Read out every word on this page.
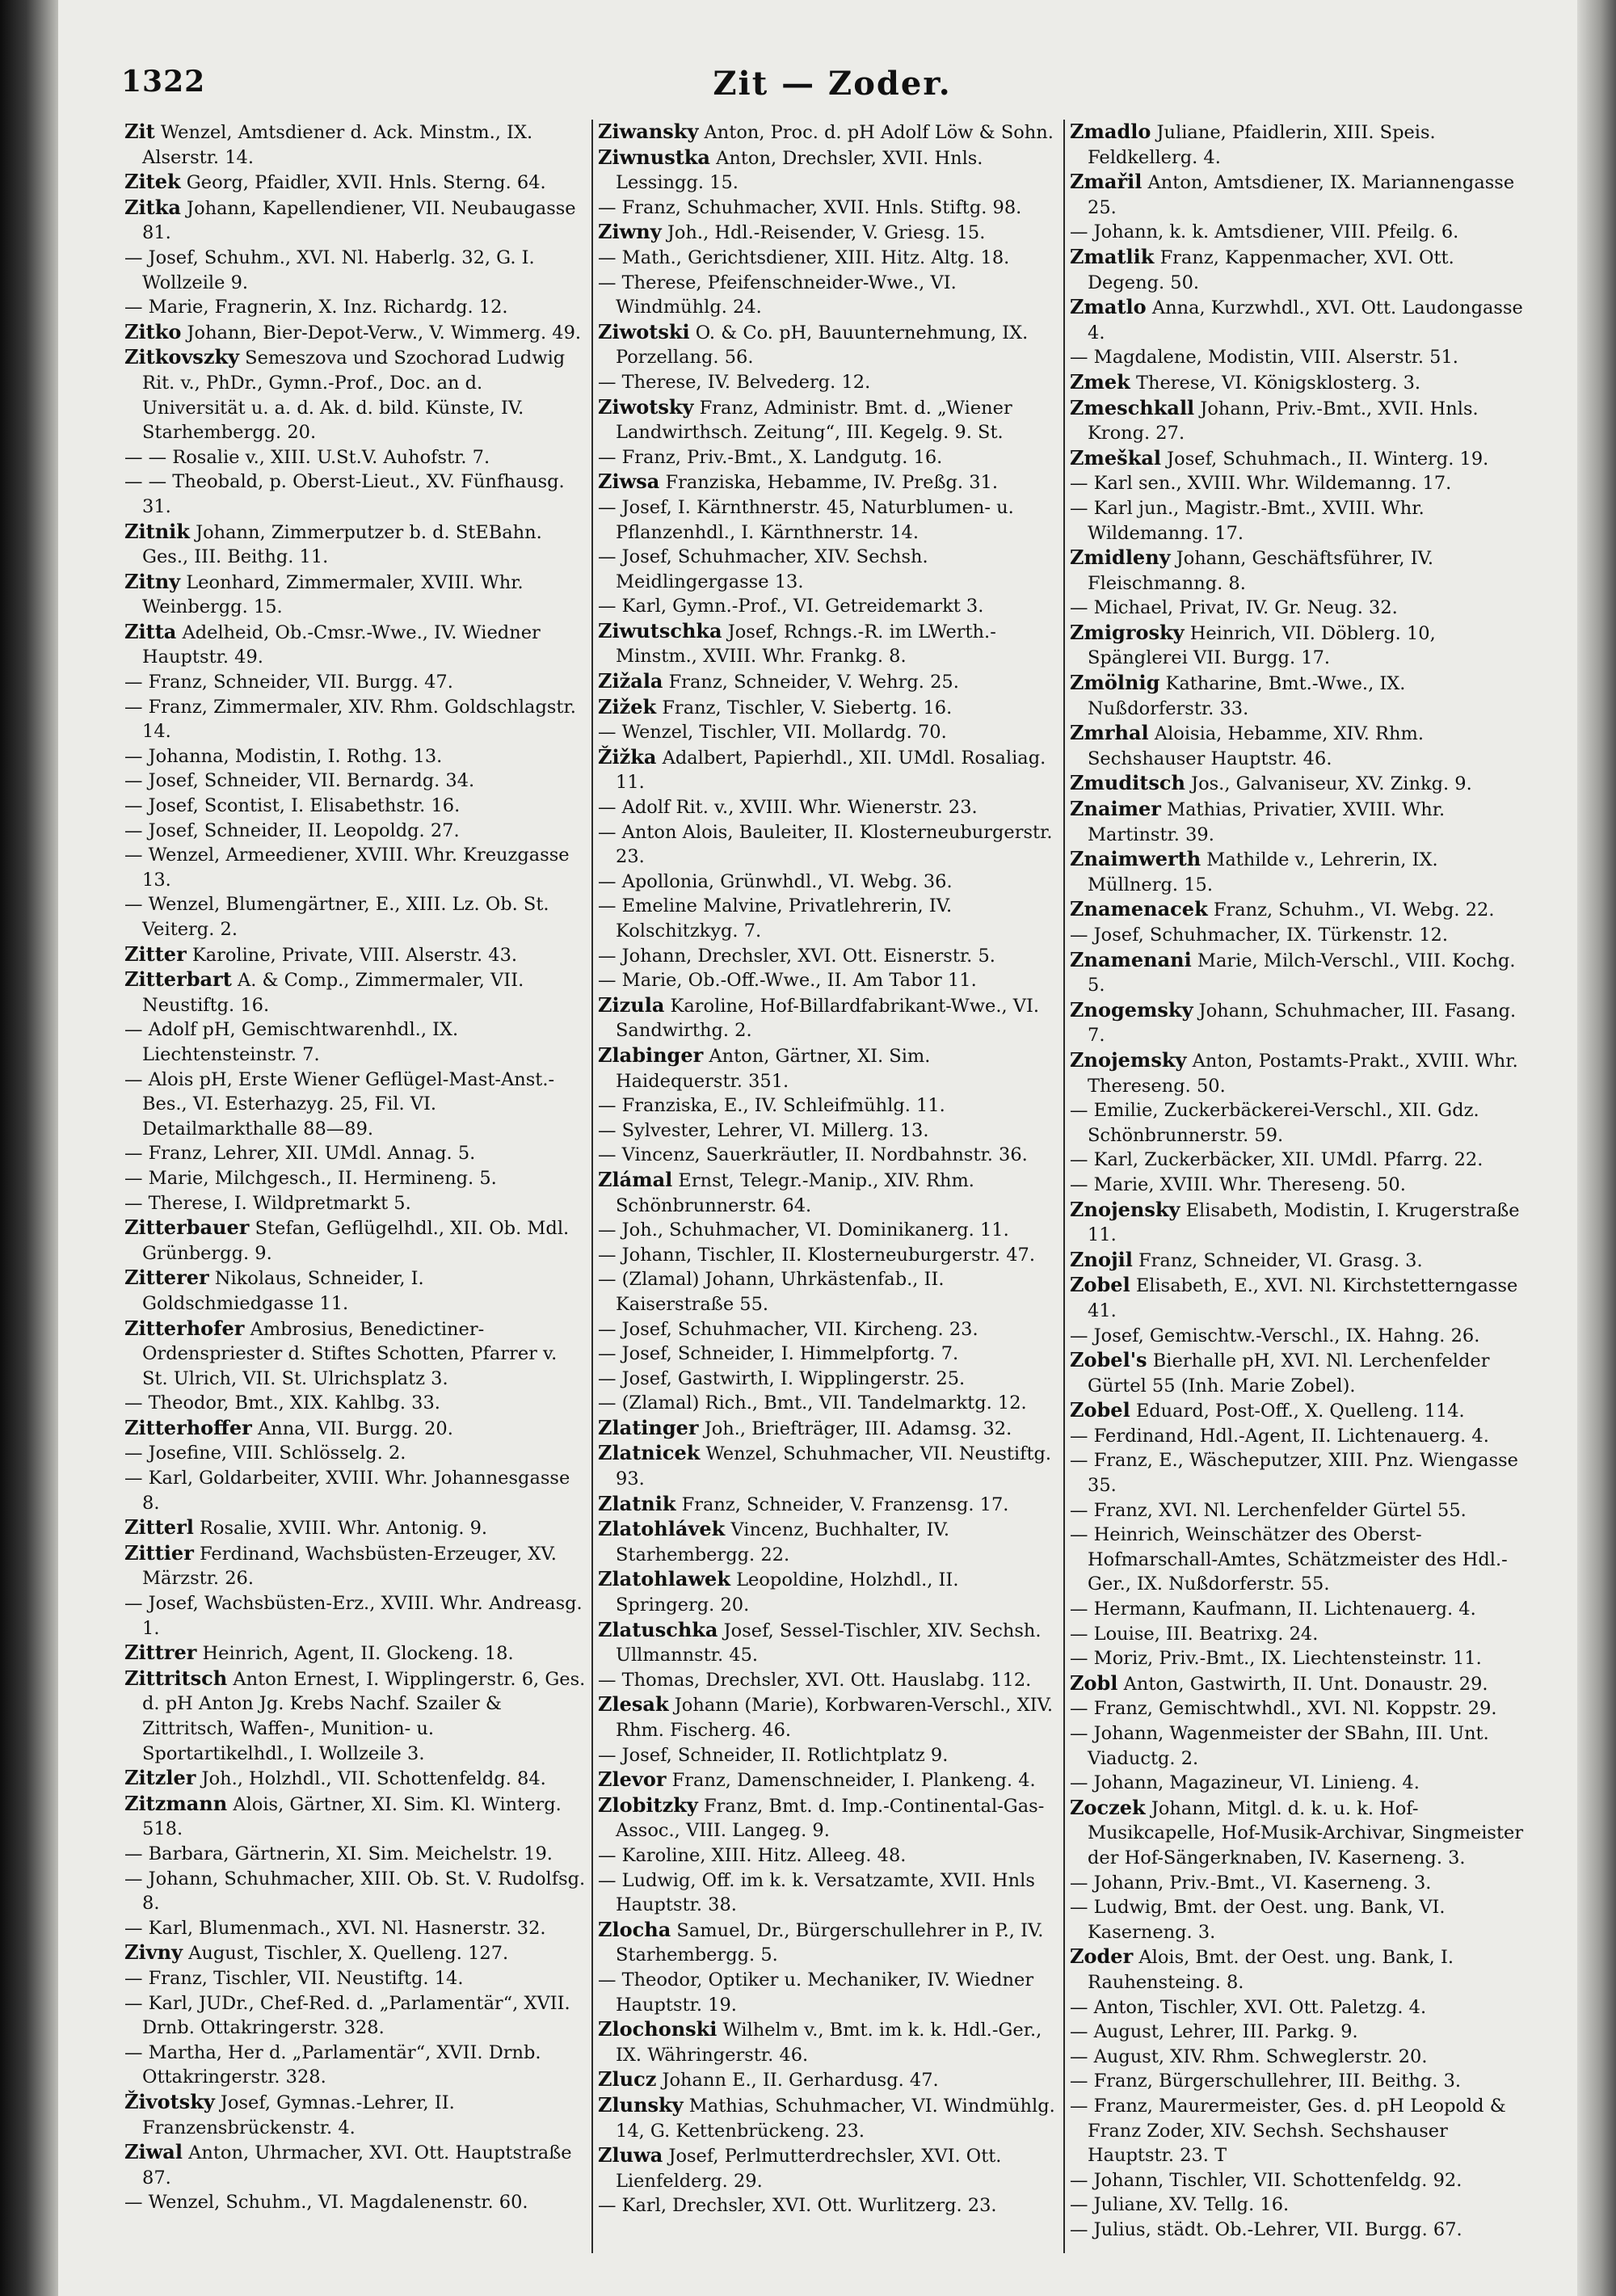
1322	Zit — Zoder.
Zit Wenzel, Amtsdiener d. Ack. Minstm., IX. Alserstr. 14.
Zitek Georg, Pfaidler, XVII. Hnls. Sterng. 64.
Zitka Johann, Kapellendiener, VII. Neubaugasse 81.
— Josef, Schuhm., XVI. Nl. Haberlg. 32, G. I. Wollzeile 9.
— Marie, Fragnerin, X. Inz. Richardg. 12.
Zitko Johann, Bier-Depot-Verw., V. Wimmerg. 49.
Zitkovszky Semeszova und Szochorad Ludwig Rit. v., PhDr., Gymn.-Prof., Doc. an d. Universität u. a. d. Ak. d. bild. Künste, IV. Starhembergg. 20.
— — Rosalie v., XIII. U.St.V. Auhofstr. 7.
— — Theobald, p. Oberst-Lieut., XV. Fünfhausg. 31.
Zitnik Johann, Zimmerputzer b. d. StEBahn. Ges., III. Beithg. 11.
Zitny Leonhard, Zimmermaler, XVIII. Whr. Weinbergg. 15.
Zitta Adelheid, Ob.-Cmsr.-Wwe., IV. Wiedner Hauptstr. 49.
— Franz, Schneider, VII. Burgg. 47.
— Franz, Zimmermaler, XIV. Rhm. Goldschlagstr. 14.
— Johanna, Modistin, I. Rothg. 13.
— Josef, Schneider, VII. Bernardg. 34.
— Josef, Scontist, I. Elisabethstr. 16.
— Josef, Schneider, II. Leopoldg. 27.
— Wenzel, Armeediener, XVIII. Whr. Kreuzgasse 13.
— Wenzel, Blumengärtner, E., XIII. Lz. Ob. St. Veiterg. 2.
Zitter Karoline, Private, VIII. Alserstr. 43.
Zitterbart A. & Comp., Zimmermaler, VII. Neustiftg. 16.
— Adolf pH, Gemischtwarenhdl., IX. Liechtensteinstr. 7.
— Alois pH, Erste Wiener Geflügel-Mast-Anst.-Bes., VI. Esterhazyg. 25, Fil. VI. Detailmarkthalle 88—89.
— Franz, Lehrer, XII. UMdl. Annag. 5.
— Marie, Milchgesch., II. Hermineng. 5.
— Therese, I. Wildpretmarkt 5.
Zitterbauer Stefan, Geflügelhdl., XII. Ob. Mdl. Grünbergg. 9.
Zitterer Nikolaus, Schneider, I. Goldschmiedgasse 11.
Zitterhofer Ambrosius, Benedictiner-Ordenspriester d. Stiftes Schotten, Pfarrer v. St. Ulrich, VII. St. Ulrichsplatz 3.
— Theodor, Bmt., XIX. Kahlbg. 33.
Zitterhoffer Anna, VII. Burgg. 20.
— Josefine, VIII. Schlösselg. 2.
— Karl, Goldarbeiter, XVIII. Whr. Johannesgasse 8.
Zitterl Rosalie, XVIII. Whr. Antonig. 9.
Zittier Ferdinand, Wachsbüsten-Erzeuger, XV. Märzstr. 26.
— Josef, Wachsbüsten-Erz., XVIII. Whr. Andreasg. 1.
Zittrer Heinrich, Agent, II. Glockeng. 18.
Zittritsch Anton Ernest, I. Wipplingerstr. 6, Ges. d. pH Anton Jg. Krebs Nachf. Szailer & Zittritsch, Waffen-, Munition- u. Sportartikelhdl., I. Wollzeile 3.
Zitzler Joh., Holzhdl., VII. Schottenfeldg. 84.
Zitzmann Alois, Gärtner, XI. Sim. Kl. Winterg. 518.
— Barbara, Gärtnerin, XI. Sim. Meichelstr. 19.
— Johann, Schuhmacher, XIII. Ob. St. V. Rudolfsg. 8.
— Karl, Blumenmach., XVI. Nl. Hasnerstr. 32.
Zivny August, Tischler, X. Quelleng. 127.
— Franz, Tischler, VII. Neustiftg. 14.
— Karl, JUDr., Chef-Red. d. „Parlamentär“, XVII. Drnb. Ottakringerstr. 328.
— Martha, Her d. „Parlamentär“, XVII. Drnb. Ottakringerstr. 328.
Životsky Josef, Gymnas.-Lehrer, II. Franzensbrückenstr. 4.
Ziwal Anton, Uhrmacher, XVI. Ott. Hauptstraße 87.
— Wenzel, Schuhm., VI. Magdalenenstr. 60.
Ziwansky Anton, Proc. d. pH Adolf Löw & Sohn.
Ziwnustka Anton, Drechsler, XVII. Hnls. Lessingg. 15.
— Franz, Schuhmacher, XVII. Hnls. Stiftg. 98.
Ziwny Joh., Hdl.-Reisender, V. Griesg. 15.
— Math., Gerichtsdiener, XIII. Hitz. Altg. 18.
— Therese, Pfeifenschneider-Wwe., VI. Windmühlg. 24.
Ziwotski O. & Co. pH, Bauunternehmung, IX. Porzellang. 56.
— Therese, IV. Belvederg. 12.
Ziwotsky Franz, Administr. Bmt. d. „Wiener Landwirthsch. Zeitung“, III. Kegelg. 9. St.
— Franz, Priv.-Bmt., X. Landgutg. 16.
Ziwsa Franziska, Hebamme, IV. Preßg. 31.
— Josef, I. Kärnthnerstr. 45, Naturblumen- u. Pflanzenhdl., I. Kärnthnerstr. 14.
— Josef, Schuhmacher, XIV. Sechsh. Meidlingergasse 13.
— Karl, Gymn.-Prof., VI. Getreidemarkt 3.
Ziwutschka Josef, Rchngs.-R. im LWerth.-Minstm., XVIII. Whr. Frankg. 8.
Zižala Franz, Schneider, V. Wehrg. 25.
Zižek Franz, Tischler, V. Siebertg. 16.
— Wenzel, Tischler, VII. Mollardg. 70.
Žižka Adalbert, Papierhdl., XII. UMdl. Rosaliag. 11.
— Adolf Rit. v., XVIII. Whr. Wienerstr. 23.
— Anton Alois, Bauleiter, II. Klosterneuburgerstr. 23.
— Apollonia, Grünwhdl., VI. Webg. 36.
— Emeline Malvine, Privatlehrerin, IV. Kolschitzkyg. 7.
— Johann, Drechsler, XVI. Ott. Eisnerstr. 5.
— Marie, Ob.-Off.-Wwe., II. Am Tabor 11.
Zizula Karoline, Hof-Billardfabrikant-Wwe., VI. Sandwirthg. 2.
Zlabinger Anton, Gärtner, XI. Sim. Haidequerstr. 351.
— Franziska, E., IV. Schleifmühlg. 11.
— Sylvester, Lehrer, VI. Millerg. 13.
— Vincenz, Sauerkräutler, II. Nordbahnstr. 36.
Zlámal Ernst, Telegr.-Manip., XIV. Rhm. Schönbrunnerstr. 64.
— Joh., Schuhmacher, VI. Dominikanerg. 11.
— Johann, Tischler, II. Klosterneuburgerstr. 47.
— (Zlamal) Johann, Uhrkästenfab., II. Kaiserstraße 55.
— Josef, Schuhmacher, VII. Kircheng. 23.
— Josef, Schneider, I. Himmelpfortg. 7.
— Josef, Gastwirth, I. Wipplingerstr. 25.
— (Zlamal) Rich., Bmt., VII. Tandelmarktg. 12.
Zlatinger Joh., Briefträger, III. Adamsg. 32.
Zlatnicek Wenzel, Schuhmacher, VII. Neustiftg. 93.
Zlatnik Franz, Schneider, V. Franzensg. 17.
Zlatohlávek Vincenz, Buchhalter, IV. Starhembergg. 22.
Zlatohlawek Leopoldine, Holzhdl., II. Springerg. 20.
Zlatuschka Josef, Sessel-Tischler, XIV. Sechsh. Ullmannstr. 45.
— Thomas, Drechsler, XVI. Ott. Hauslabg. 112.
Zlesak Johann (Marie), Korbwaren-Verschl., XIV. Rhm. Fischerg. 46.
— Josef, Schneider, II. Rotlichtplatz 9.
Zlevor Franz, Damenschneider, I. Plankeng. 4.
Zlobitzky Franz, Bmt. d. Imp.-Continental-Gas-Assoc., VIII. Langeg. 9.
— Karoline, XIII. Hitz. Alleeg. 48.
— Ludwig, Off. im k. k. Versatzamte, XVII. Hnls Hauptstr. 38.
Zlocha Samuel, Dr., Bürgerschullehrer in P., IV. Starhembergg. 5.
— Theodor, Optiker u. Mechaniker, IV. Wiedner Hauptstr. 19.
Zlochonski Wilhelm v., Bmt. im k. k. Hdl.-Ger., IX. Währingerstr. 46.
Zlucz Johann E., II. Gerhardusg. 47.
Zlunsky Mathias, Schuhmacher, VI. Windmühlg. 14, G. Kettenbrückeng. 23.
Zluwa Josef, Perlmutterdrechsler, XVI. Ott. Lienfelderg. 29.
— Karl, Drechsler, XVI. Ott. Wurlitzerg. 23.
Zmadlo Juliane, Pfaidlerin, XIII. Speis. Feldkellerg. 4.
Zmařil Anton, Amtsdiener, IX. Mariannengasse 25.
— Johann, k. k. Amtsdiener, VIII. Pfeilg. 6.
Zmatlik Franz, Kappenmacher, XVI. Ott. Degeng. 50.
Zmatlo Anna, Kurzwhdl., XVI. Ott. Laudongasse 4.
— Magdalene, Modistin, VIII. Alserstr. 51.
Zmek Therese, VI. Königsklosterg. 3.
Zmeschkall Johann, Priv.-Bmt., XVII. Hnls. Krong. 27.
Zmeškal Josef, Schuhmach., II. Winterg. 19.
— Karl sen., XVIII. Whr. Wildemanng. 17.
— Karl jun., Magistr.-Bmt., XVIII. Whr. Wildemanng. 17.
Zmidleny Johann, Geschäftsführer, IV. Fleischmanng. 8.
— Michael, Privat, IV. Gr. Neug. 32.
Zmigrosky Heinrich, VII. Döblerg. 10, Spänglerei VII. Burgg. 17.
Zmölnig Katharine, Bmt.-Wwe., IX. Nußdorferstr. 33.
Zmrhal Aloisia, Hebamme, XIV. Rhm. Sechshauser Hauptstr. 46.
Zmuditsch Jos., Galvaniseur, XV. Zinkg. 9.
Znaimer Mathias, Privatier, XVIII. Whr. Martinstr. 39.
Znaimwerth Mathilde v., Lehrerin, IX. Müllnerg. 15.
Znamenacek Franz, Schuhm., VI. Webg. 22.
— Josef, Schuhmacher, IX. Türkenstr. 12.
Znamenani Marie, Milch-Verschl., VIII. Kochg. 5.
Znogemsky Johann, Schuhmacher, III. Fasang. 7.
Znojemsky Anton, Postamts-Prakt., XVIII. Whr. Thereseng. 50.
— Emilie, Zuckerbäckerei-Verschl., XII. Gdz. Schönbrunnerstr. 59.
— Karl, Zuckerbäcker, XII. UMdl. Pfarrg. 22.
— Marie, XVIII. Whr. Thereseng. 50.
Znojensky Elisabeth, Modistin, I. Krugerstraße 11.
Znojil Franz, Schneider, VI. Grasg. 3.
Zobel Elisabeth, E., XVI. Nl. Kirchstetterngasse 41.
— Josef, Gemischtw.-Verschl., IX. Hahng. 26.
Zobel's Bierhalle pH, XVI. Nl. Lerchenfelder Gürtel 55 (Inh. Marie Zobel).
Zobel Eduard, Post-Off., X. Quelleng. 114.
— Ferdinand, Hdl.-Agent, II. Lichtenauerg. 4.
— Franz, E., Wäscheputzer, XIII. Pnz. Wiengasse 35.
— Franz, XVI. Nl. Lerchenfelder Gürtel 55.
— Heinrich, Weinschätzer des Oberst-Hofmarschall-Amtes, Schätzmeister des Hdl.-Ger., IX. Nußdorferstr. 55.
— Hermann, Kaufmann, II. Lichtenauerg. 4.
— Louise, III. Beatrixg. 24.
— Moriz, Priv.-Bmt., IX. Liechtensteinstr. 11.
Zobl Anton, Gastwirth, II. Unt. Donaustr. 29.
— Franz, Gemischtwhdl., XVI. Nl. Koppstr. 29.
— Johann, Wagenmeister der SBahn, III. Unt. Viaductg. 2.
— Johann, Magazineur, VI. Linieng. 4.
Zoczek Johann, Mitgl. d. k. u. k. Hof-Musikcapelle, Hof-Musik-Archivar, Singmeister der Hof-Sängerknaben, IV. Kaserneng. 3.
— Johann, Priv.-Bmt., VI. Kaserneng. 3.
— Ludwig, Bmt. der Oest. ung. Bank, VI. Kaserneng. 3.
Zoder Alois, Bmt. der Oest. ung. Bank, I. Rauhensteing. 8.
— Anton, Tischler, XVI. Ott. Paletzg. 4.
— August, Lehrer, III. Parkg. 9.
— August, XIV. Rhm. Schweglerstr. 20.
— Franz, Bürgerschullehrer, III. Beithg. 3.
— Franz, Maurermeister, Ges. d. pH Leopold & Franz Zoder, XIV. Sechsh. Sechshauser Hauptstr. 23. T
— Johann, Tischler, VII. Schottenfeldg. 92.
— Juliane, XV. Tellg. 16.
— Julius, städt. Ob.-Lehrer, VII. Burgg. 67.
